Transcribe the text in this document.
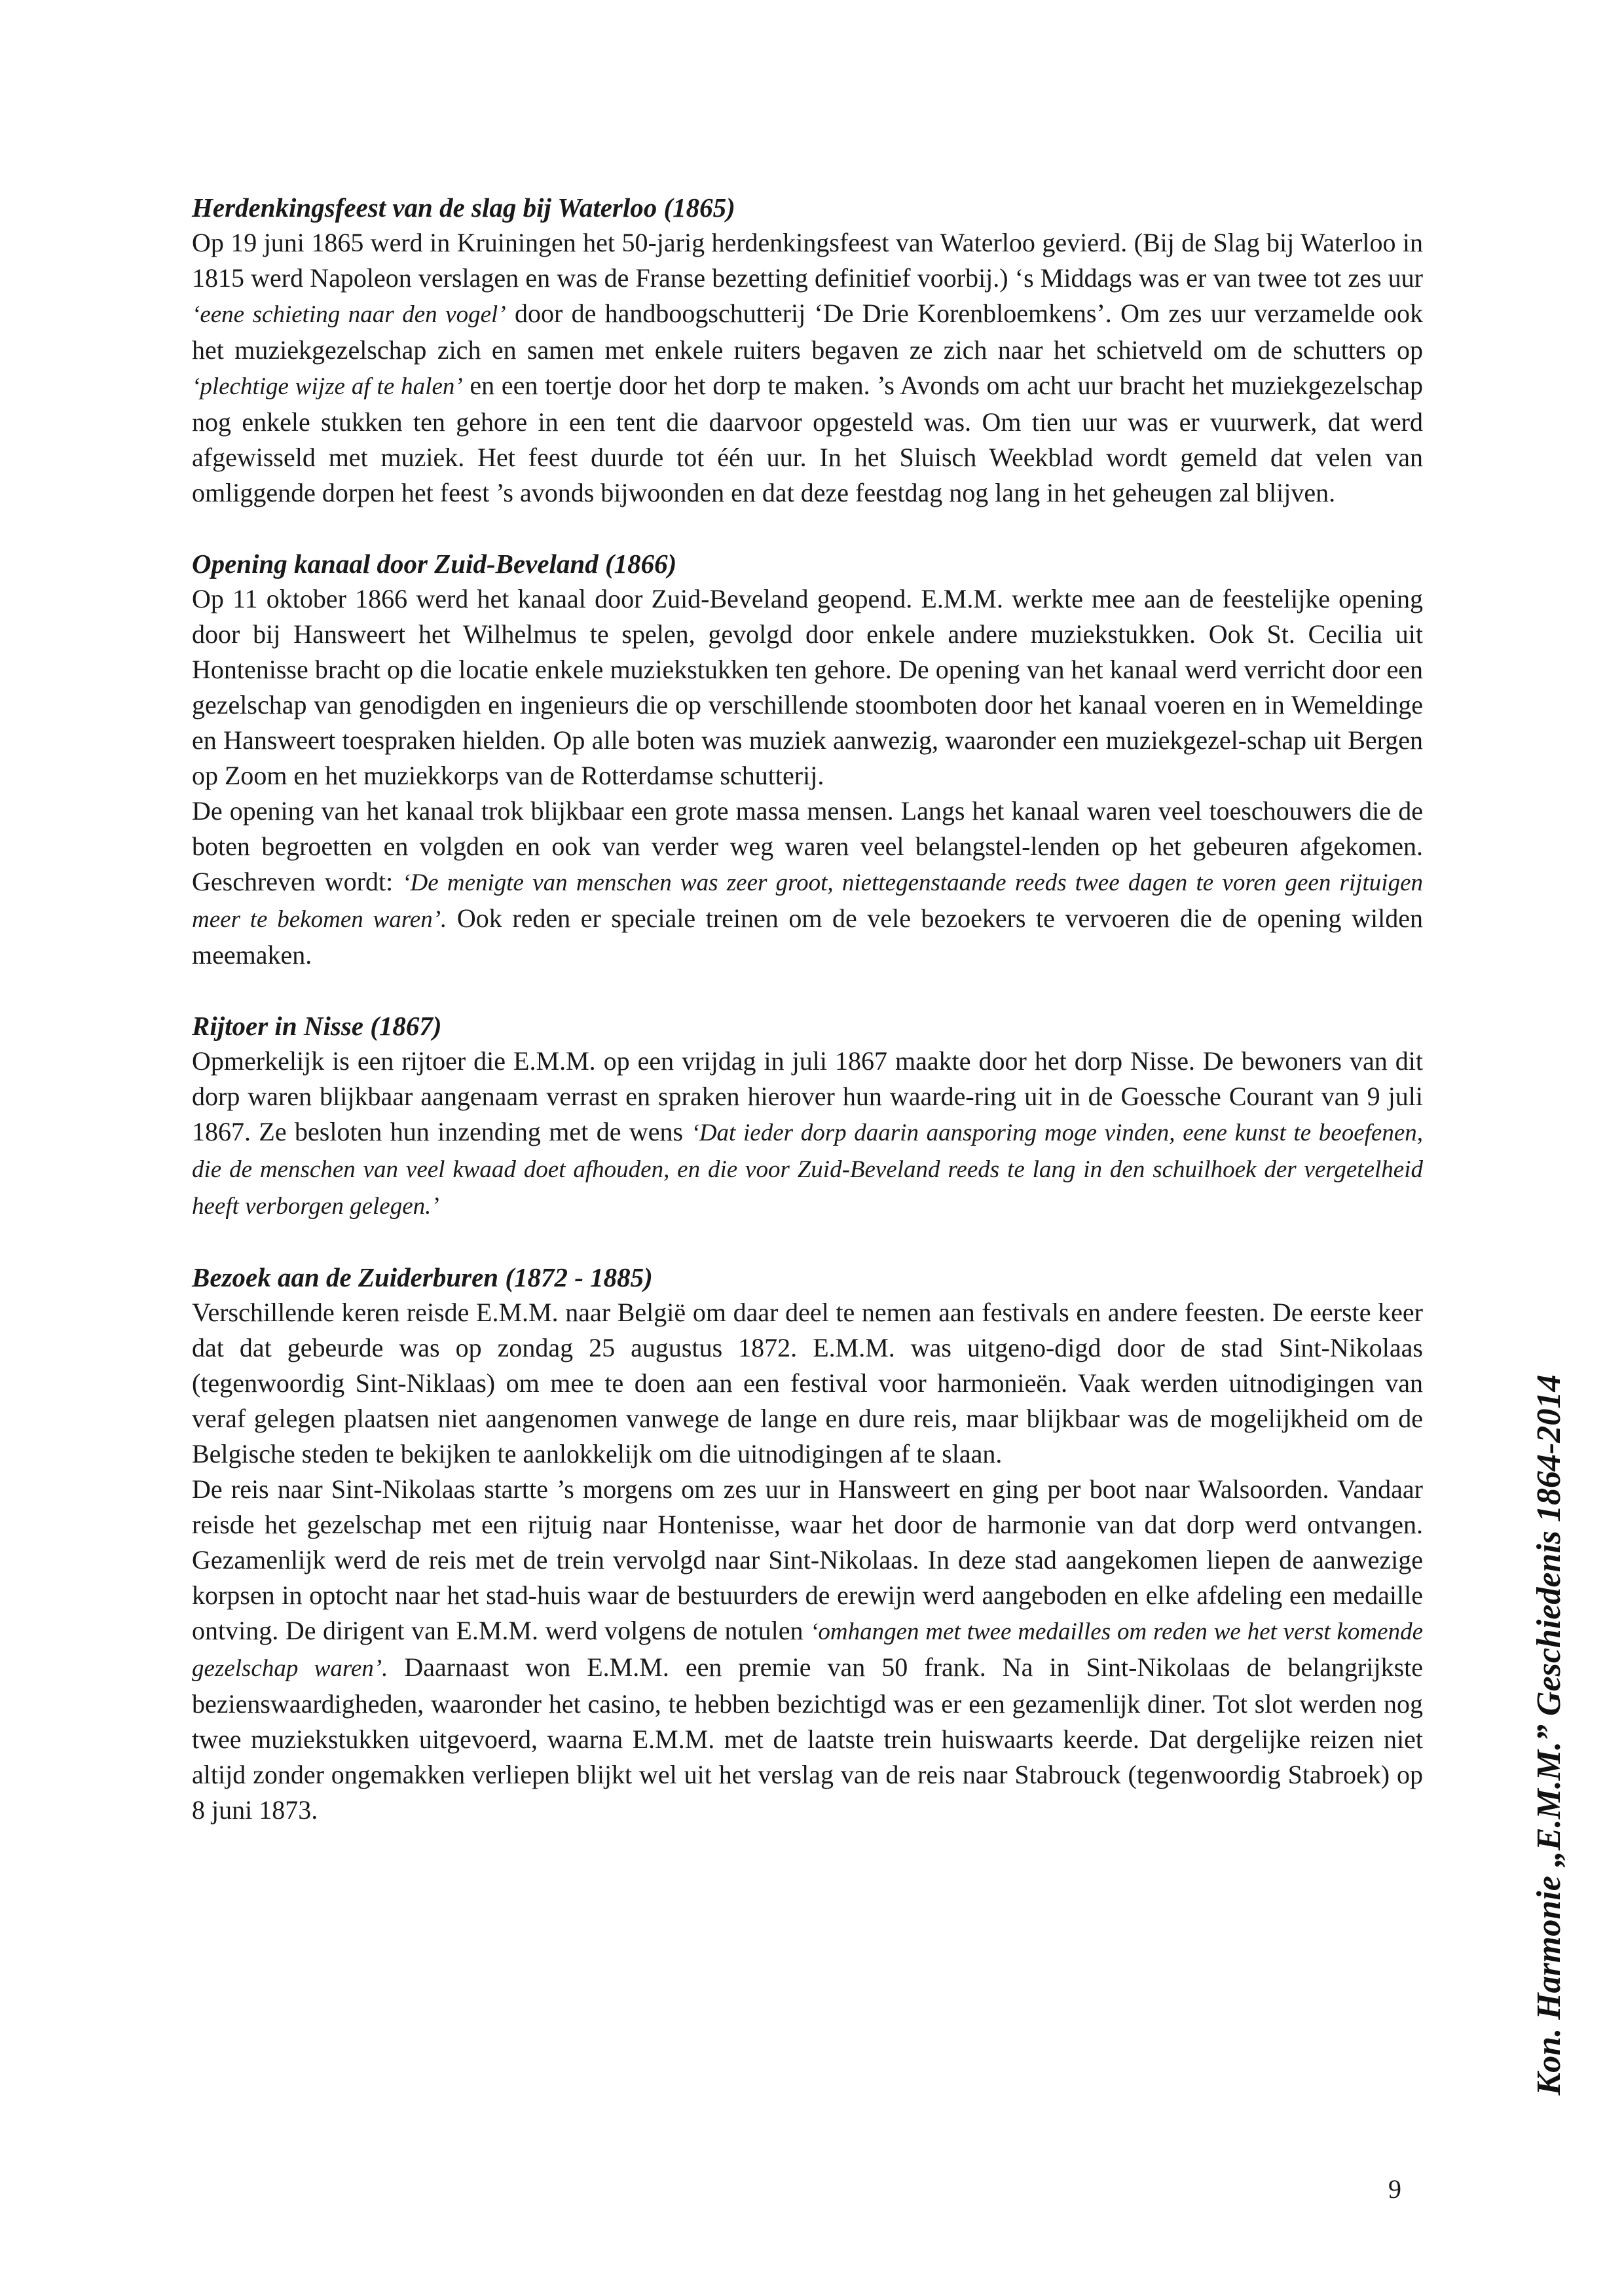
Herdenkingsfeest van de slag bij Waterloo (1865)

Op 19 juni 1865 werd in Kruiningen het 50-jarig herdenkingsfeest van Waterloo gevierd. (Bij de Slag bij Waterloo in 1815 werd Napoleon verslagen en was de Franse bezetting definitief voorbij.) ‘s Middags was er van twee tot zes uur ‘eene schieting naar den vogel’ door de handboogschutterij ‘De Drie Korenbloemkens’. Om zes uur verzamelde ook het muziekgezelschap zich en samen met enkele ruiters begaven ze zich naar het schietveld om de schutters op ‘plechtige wijze af te halen’ en een toertje door het dorp te maken. ’s Avonds om acht uur bracht het muziekgezelschap nog enkele stukken ten gehore in een tent die daarvoor opgesteld was. Om tien uur was er vuurwerk, dat werd afgewisseld met muziek. Het feest duurde tot één uur. In het Sluisch Weekblad wordt gemeld dat velen van omliggende dorpen het feest ’s avonds bijwoonden en dat deze feestdag nog lang in het geheugen zal blijven.

Opening kanaal door Zuid-Beveland (1866)

Op 11 oktober 1866 werd het kanaal door Zuid-Beveland geopend. E.M.M. werkte mee aan de feestelijke opening door bij Hansweert het Wilhelmus te spelen, gevolgd door enkele andere muziekstukken. Ook St. Cecilia uit Hontenisse bracht op die locatie enkele muziekstukken ten gehore. De opening van het kanaal werd verricht door een gezelschap van genodigden en ingenieurs die op verschillende stoomboten door het kanaal voeren en in Wemeldinge en Hansweert toespraken hielden. Op alle boten was muziek aanwezig, waaronder een muziekgezel-schap uit Bergen op Zoom en het muziekkorps van de Rotterdamse schutterij.

De opening van het kanaal trok blijkbaar een grote massa mensen. Langs het kanaal waren veel toeschouwers die de boten begroetten en volgden en ook van verder weg waren veel belangstel-lenden op het gebeuren afgekomen. Geschreven wordt: ‘De menigte van menschen was zeer groot, niettegenstaande reeds twee dagen te voren geen rijtuigen meer te bekomen waren’. Ook reden er speciale treinen om de vele bezoekers te vervoeren die de opening wilden meemaken.

Rijtoer in Nisse (1867)

Opmerkelijk is een rijtoer die E.M.M. op een vrijdag in juli 1867 maakte door het dorp Nisse. De bewoners van dit dorp waren blijkbaar aangenaam verrast en spraken hierover hun waarde-ring uit in de Goessche Courant van 9 juli 1867. Ze besloten hun inzending met de wens ‘Dat ieder dorp daarin aansporing moge vinden, eene kunst te beoefenen, die de menschen van veel kwaad doet afhouden, en die voor Zuid-Beveland reeds te lang in den schuilhoek der vergetelheid heeft verborgen gelegen.’

Bezoek aan de Zuiderburen (1872 - 1885)

Verschillende keren reisde E.M.M. naar België om daar deel te nemen aan festivals en andere feesten. De eerste keer dat dat gebeurde was op zondag 25 augustus 1872. E.M.M. was uitgeno-digd door de stad Sint-Nikolaas (tegenwoordig Sint-Niklaas) om mee te doen aan een festival voor harmonieën. Vaak werden uitnodigingen van veraf gelegen plaatsen niet aangenomen vanwege de lange en dure reis, maar blijkbaar was de mogelijkheid om de Belgische steden te bekijken te aanlokkelijk om die uitnodigingen af te slaan.

De reis naar Sint-Nikolaas startte ’s morgens om zes uur in Hansweert en ging per boot naar Walsoorden. Vandaar reisde het gezelschap met een rijtuig naar Hontenisse, waar het door de harmonie van dat dorp werd ontvangen. Gezamenlijk werd de reis met de trein vervolgd naar Sint-Nikolaas. In deze stad aangekomen liepen de aanwezige korpsen in optocht naar het stad-huis waar de bestuurders de erewijn werd aangeboden en elke afdeling een medaille ontving. De dirigent van E.M.M. werd volgens de notulen ‘omhangen met twee medailles om reden we het verst komende gezelschap waren’. Daarnaast won E.M.M. een premie van 50 frank. Na in Sint-Nikolaas de belangrijkste bezienswaardigheden, waaronder het casino, te hebben bezichtigd was er een gezamenlijk diner. Tot slot werden nog twee muziekstukken uitgevoerd, waarna E.M.M. met de laatste trein huiswaarts keerde. Dat dergelijke reizen niet altijd zonder ongemakken verliepen blijkt wel uit het verslag van de reis naar Stabrouck (tegenwoordig Stabroek) op 8 juni 1873.	Kon. Harmonie „E.M.M.” Geschiedenis 1864-2014
9
